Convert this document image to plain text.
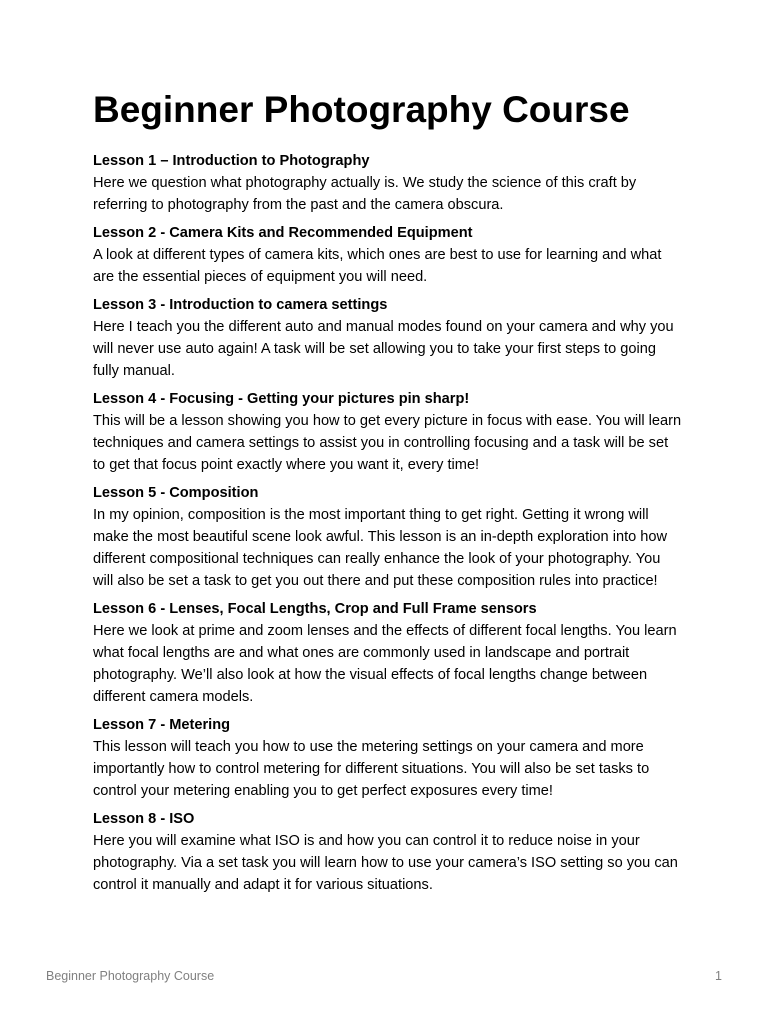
Beginner Photography Course

Lesson 1 – Introduction to Photography

Here we question what photography actually is. We study the science of this craft by referring to photography from the past and the camera obscura.

Lesson 2 - Camera Kits and Recommended Equipment

A look at different types of camera kits, which ones are best to use for learning and what are the essential pieces of equipment you will need.

Lesson 3 - Introduction to camera settings

Here I teach you the different auto and manual modes found on your camera and why you will never use auto again! A task will be set allowing you to take your first steps to going fully manual.

Lesson 4 - Focusing - Getting your pictures pin sharp!

This will be a lesson showing you how to get every picture in focus with ease. You will learn techniques and camera settings to assist you in controlling focusing and a task will be set to get that focus point exactly where you want it, every time!

Lesson 5 - Composition

In my opinion, composition is the most important thing to get right. Getting it wrong will make the most beautiful scene look awful. This lesson is an in-depth exploration into how different compositional techniques can really enhance the look of your photography. You will also be set a task to get you out there and put these composition rules into practice!

Lesson 6 - Lenses, Focal Lengths, Crop and Full Frame sensors

Here we look at prime and zoom lenses and the effects of different focal lengths. You learn what focal lengths are and what ones are commonly used in landscape and portrait photography. We’ll also look at how the visual effects of focal lengths change between different camera models.

Lesson 7 - Metering

This lesson will teach you how to use the metering settings on your camera and more importantly how to control metering for different situations. You will also be set tasks to control your metering enabling you to get perfect exposures every time!

Lesson 8 - ISO

Here you will examine what ISO is and how you can control it to reduce noise in your photography. Via a set task you will learn how to use your camera’s ISO setting so you can control it manually and adapt it for various situations.

Beginner Photography Course	1
